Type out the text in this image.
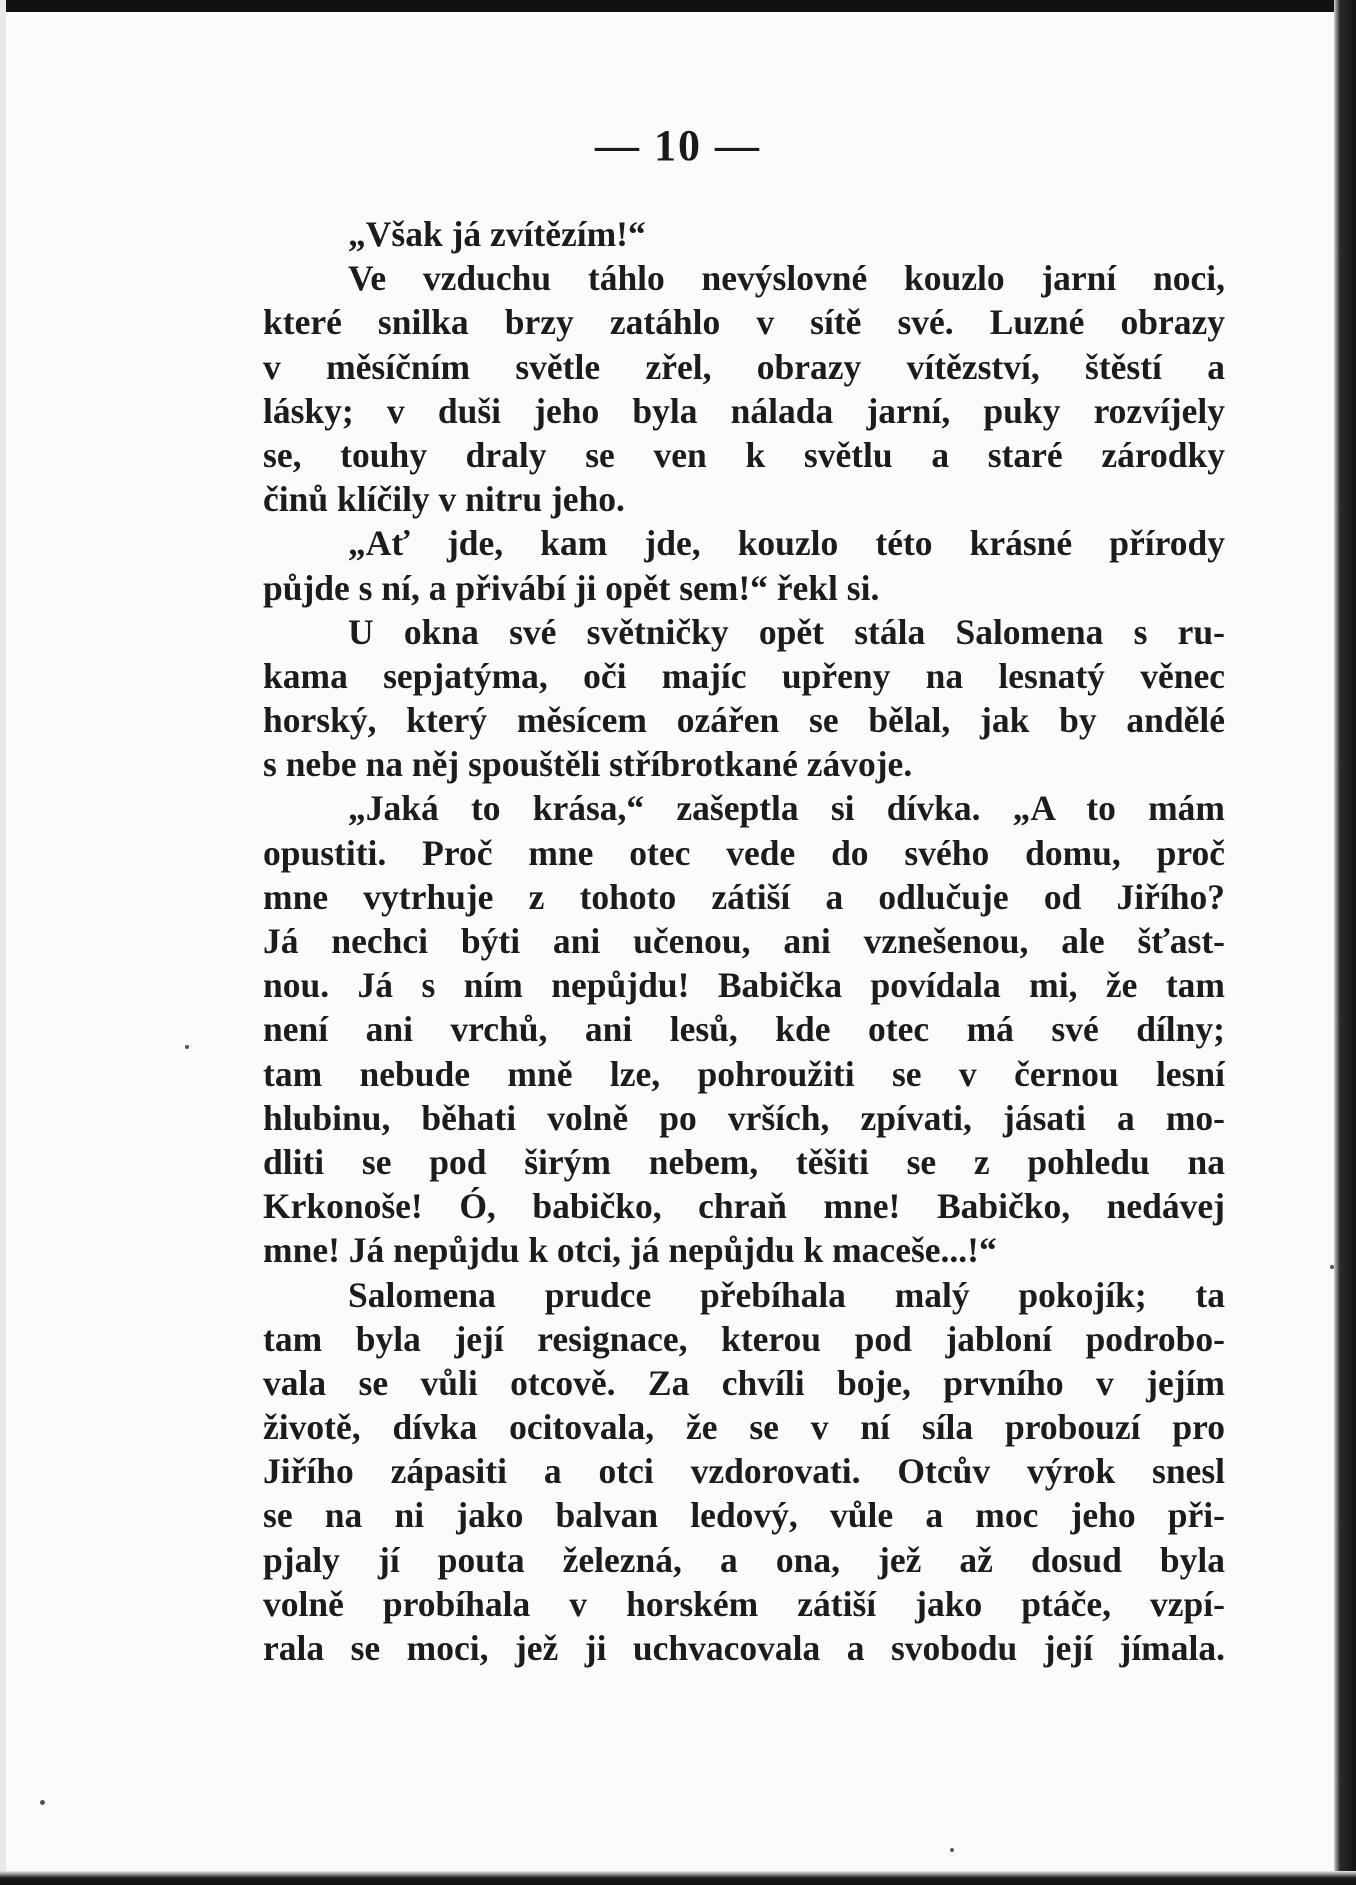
— 10 —
„Však já zvítězím!“
Ve vzduchu táhlo nevýslovné kouzlo jarní noci,
které snilka brzy zatáhlo v sítě své. Luzné obrazy
v měsíčním světle zřel, obrazy vítězství, štěstí a
lásky; v duši jeho byla nálada jarní, puky rozvíjely
se, touhy draly se ven k světlu a staré zárodky
činů klíčily v nitru jeho.
„Ať jde, kam jde, kouzlo této krásné přírody
půjde s ní, a přivábí ji opět sem!“ řekl si.
U okna své světničky opět stála Salomena s ru-
kama sepjatýma, oči majíc upřeny na lesnatý věnec
horský, který měsícem ozářen se bělal, jak by andělé
s nebe na něj spouštěli stříbrotkané závoje.
„Jaká to krása,“ zašeptla si dívka. „A to mám
opustiti. Proč mne otec vede do svého domu, proč
mne vytrhuje z tohoto zátiší a odlučuje od Jiřího?
Já nechci býti ani učenou, ani vznešenou, ale šťast-
nou. Já s ním nepůjdu! Babička povídala mi, že tam
není ani vrchů, ani lesů, kde otec má své dílny;
tam nebude mně lze, pohroužiti se v černou lesní
hlubinu, běhati volně po vrších, zpívati, jásati a mo-
dliti se pod širým nebem, těšiti se z pohledu na
Krkonoše! Ó, babičko, chraň mne! Babičko, nedávej
mne! Já nepůjdu k otci, já nepůjdu k maceše...!“
Salomena prudce přebíhala malý pokojík; ta
tam byla její resignace, kterou pod jabloní podrobo-
vala se vůli otcově. Za chvíli boje, prvního v jejím
životě, dívka ocitovala, že se v ní síla probouzí pro
Jiřího zápasiti a otci vzdorovati. Otcův výrok snesl
se na ni jako balvan ledový, vůle a moc jeho při-
pjaly jí pouta železná, a ona, jež až dosud byla
volně probíhala v horském zátiší jako ptáče, vzpí-
rala se moci, jež ji uchvacovala a svobodu její jímala.
